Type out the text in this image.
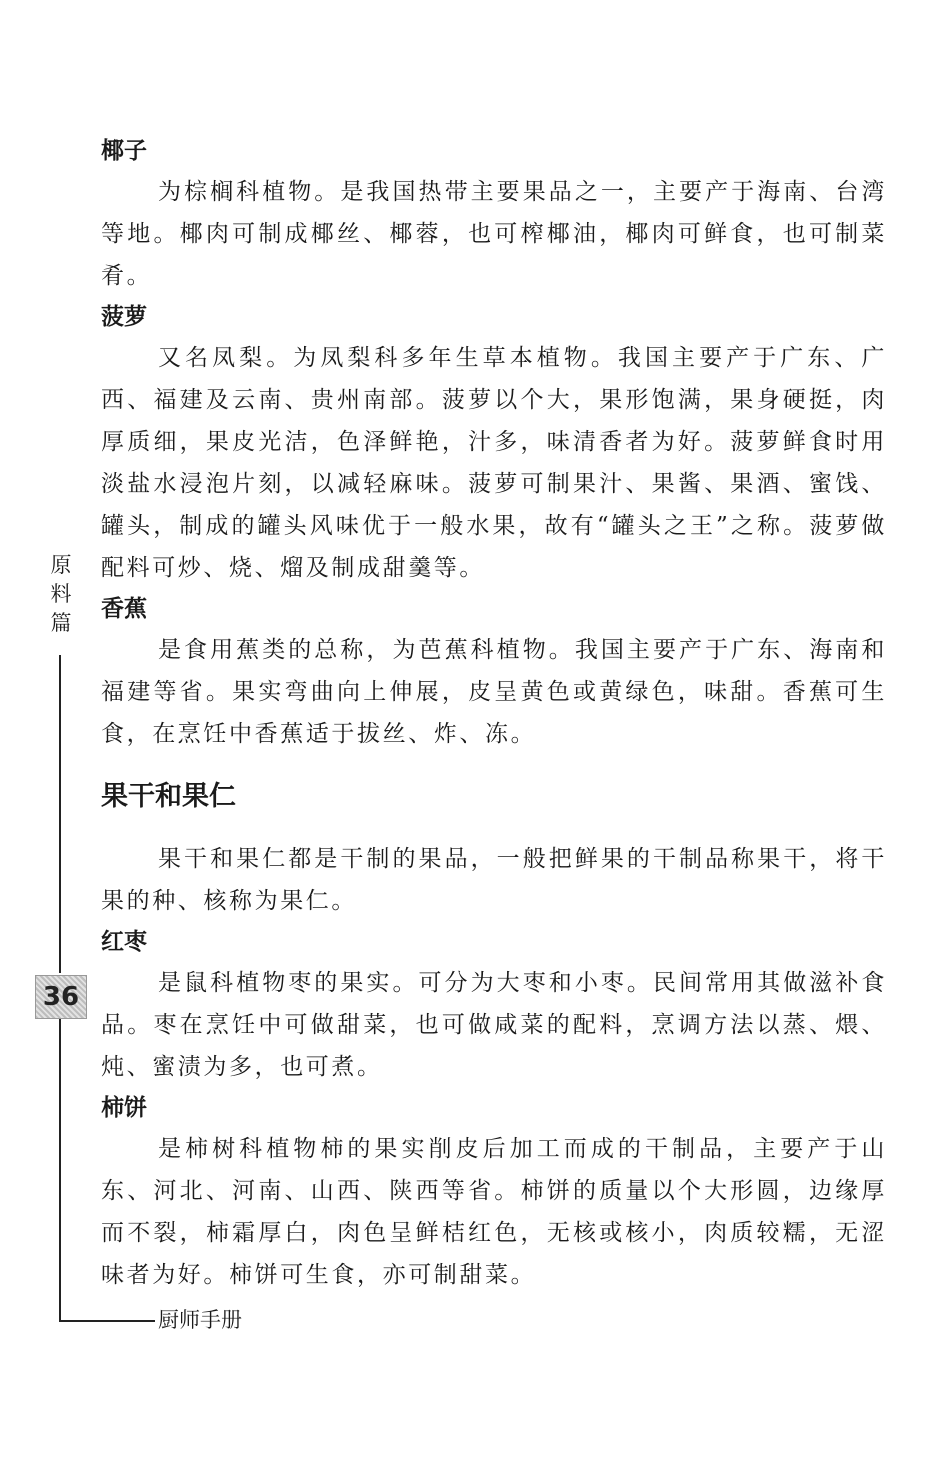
椰子

为棕榈科植物。是我国热带主要果品之一，主要产于海南、台湾等地。椰肉可制成椰丝、椰蓉，也可榨椰油，椰肉可鲜食，也可制菜肴。

菠萝

又名凤梨。为凤梨科多年生草本植物。我国主要产于广东、广西、福建及云南、贵州南部。菠萝以个大，果形饱满，果身硬挺，肉厚质细，果皮光洁，色泽鲜艳，汁多，味清香者为好。菠萝鲜食时用淡盐水浸泡片刻，以减轻麻味。菠萝可制果汁、果酱、果酒、蜜饯、罐头，制成的罐头风味优于一般水果，故有“罐头之王”之称。菠萝做配料可炒、烧、熘及制成甜羹等。

香蕉

是食用蕉类的总称，为芭蕉科植物。我国主要产于广东、海南和福建等省。果实弯曲向上伸展，皮呈黄色或黄绿色，味甜。香蕉可生食，在烹饪中香蕉适于拔丝、炸、冻。

果干和果仁

果干和果仁都是干制的果品，一般把鲜果的干制品称果干，将干果的种、核称为果仁。

红枣

是鼠科植物枣的果实。可分为大枣和小枣。民间常用其做滋补食品。枣在烹饪中可做甜菜，也可做咸菜的配料，烹调方法以蒸、煨、炖、蜜渍为多，也可煮。

柿饼

是柿树科植物柿的果实削皮后加工而成的干制品，主要产于山东、河北、河南、山西、陕西等省。柿饼的质量以个大形圆，边缘厚而不裂，柿霜厚白，肉色呈鲜桔红色，无核或核小，肉质较糯，无涩味者为好。柿饼可生食，亦可制甜菜。

原
料
篇
36
厨师手册
